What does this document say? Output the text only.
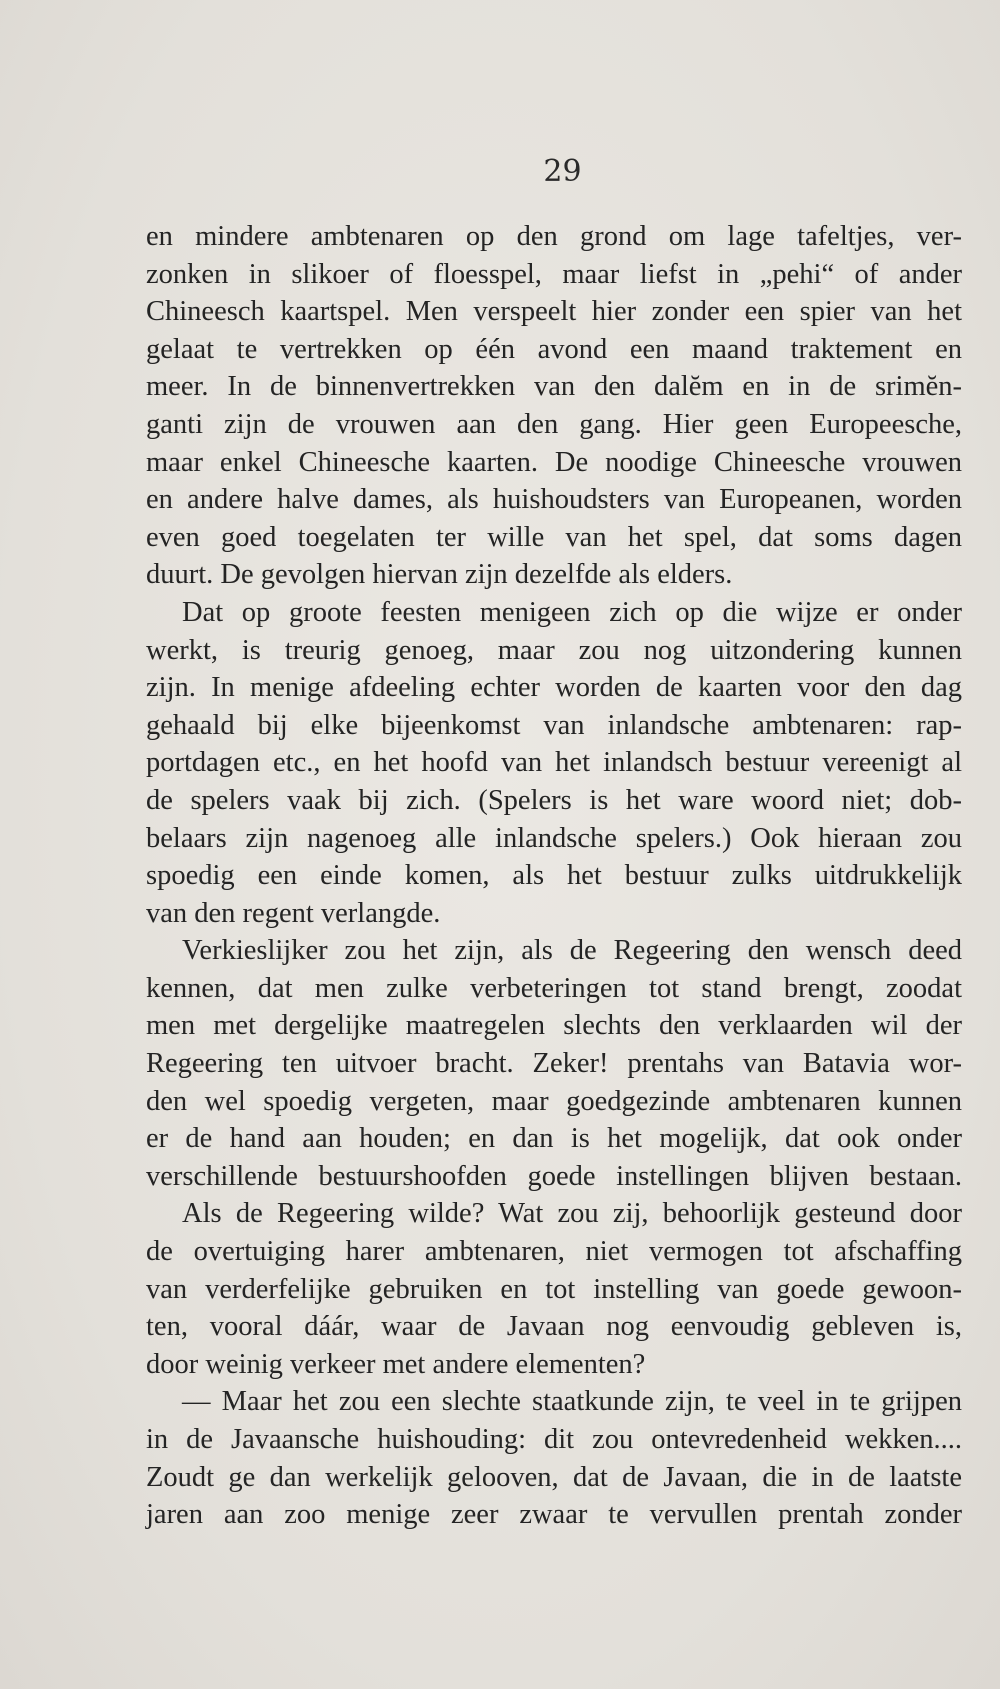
29
en mindere ambtenaren op den grond om lage tafeltjes, ver-
zonken in slikoer of floesspel, maar liefst in „pehi“ of ander
Chineesch kaartspel. Men verspeelt hier zonder een spier van het
gelaat te vertrekken op één avond een maand traktement en
meer. In de binnenvertrekken van den dalĕm en in de srimĕn-
ganti zijn de vrouwen aan den gang. Hier geen Europeesche,
maar enkel Chineesche kaarten. De noodige Chineesche vrouwen
en andere halve dames, als huishoudsters van Europeanen, worden
even goed toegelaten ter wille van het spel, dat soms dagen
duurt. De gevolgen hiervan zijn dezelfde als elders.
Dat op groote feesten menigeen zich op die wijze er onder
werkt, is treurig genoeg, maar zou nog uitzondering kunnen
zijn. In menige afdeeling echter worden de kaarten voor den dag
gehaald bij elke bijeenkomst van inlandsche ambtenaren: rap-
portdagen etc., en het hoofd van het inlandsch bestuur vereenigt al
de spelers vaak bij zich. (Spelers is het ware woord niet; dob-
belaars zijn nagenoeg alle inlandsche spelers.) Ook hieraan zou
spoedig een einde komen, als het bestuur zulks uitdrukkelijk
van den regent verlangde.
Verkieslijker zou het zijn, als de Regeering den wensch deed
kennen, dat men zulke verbeteringen tot stand brengt, zoodat
men met dergelijke maatregelen slechts den verklaarden wil der
Regeering ten uitvoer bracht. Zeker! prentahs van Batavia wor-
den wel spoedig vergeten, maar goedgezinde ambtenaren kunnen
er de hand aan houden; en dan is het mogelijk, dat ook onder
verschillende bestuurshoofden goede instellingen blijven bestaan.
Als de Regeering wilde? Wat zou zij, behoorlijk gesteund door
de overtuiging harer ambtenaren, niet vermogen tot afschaffing
van verderfelijke gebruiken en tot instelling van goede gewoon-
ten, vooral dáár, waar de Javaan nog eenvoudig gebleven is,
door weinig verkeer met andere elementen?
— Maar het zou een slechte staatkunde zijn, te veel in te grijpen
in de Javaansche huishouding: dit zou ontevredenheid wekken....
Zoudt ge dan werkelijk gelooven, dat de Javaan, die in de laatste
jaren aan zoo menige zeer zwaar te vervullen prentah zonder
